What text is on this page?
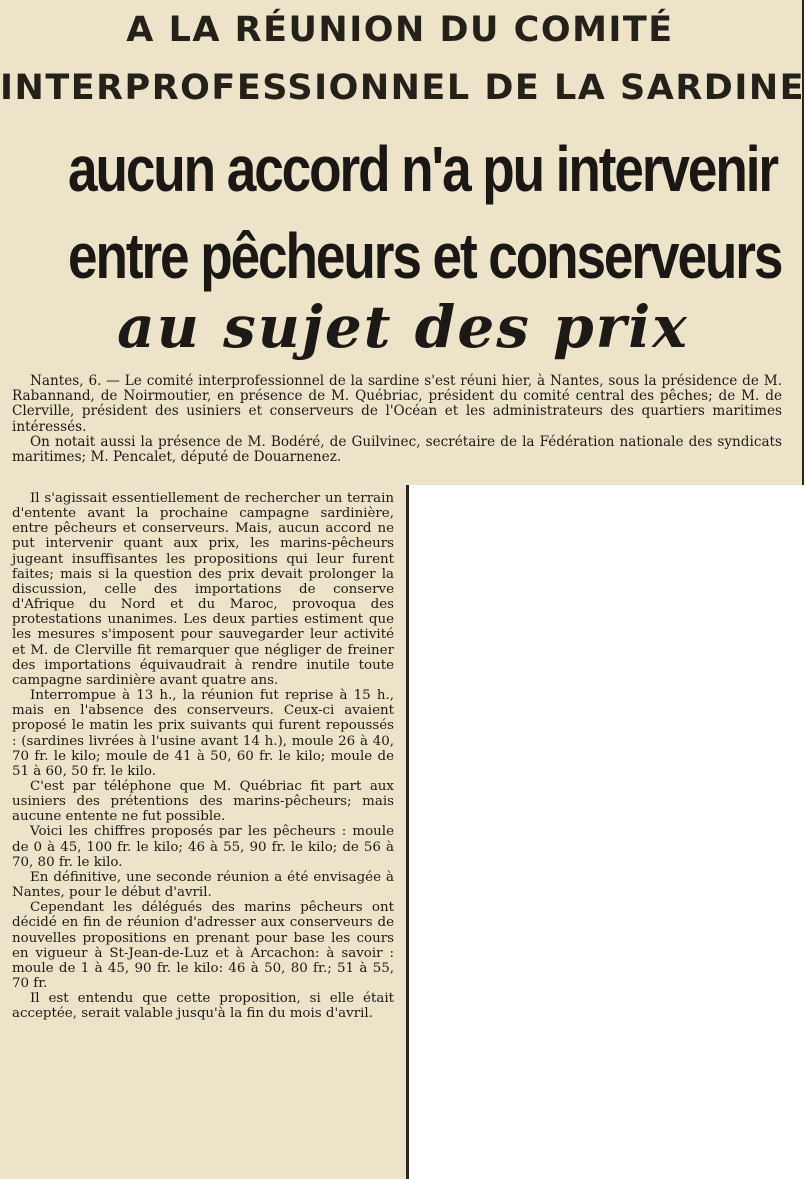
A LA RÉUNION DU COMITÉ
INTERPROFESSIONNEL DE LA SARDINE
aucun accord n'a pu intervenir
entre pêcheurs et conserveurs
au sujet des prix

Nantes, 6. — Le comité interprofessionnel de la sardine s'est réuni hier, à Nantes, sous la présidence de M. Rabannand, de Noirmoutier, en présence de M. Québriac, président du comité central des pêches; de M. de Clerville, président des usiniers et conserveurs de l'Océan et les administrateurs des quartiers maritimes intéressés.

On notait aussi la présence de M. Bodéré, de Guilvinec, secrétaire de la Fédération nationale des syndicats maritimes; M. Pencalet, député de Douarnenez.

Il s'agissait essentiellement de rechercher un terrain d'entente avant la prochaine campagne sardinière, entre pêcheurs et conserveurs. Mais, aucun accord ne put intervenir quant aux prix, les marins-pêcheurs jugeant insuffisantes les propositions qui leur furent faites; mais si la question des prix devait prolonger la discussion, celle des importations de conserve d'Afrique du Nord et du Maroc, provoqua des protestations unanimes. Les deux parties estiment que les mesures s'imposent pour sauvegarder leur activité et M. de Clerville fit remarquer que négliger de freiner des importations équivaudrait à rendre inutile toute campagne sardinière avant quatre ans.

Interrompue à 13 h., la réunion fut reprise à 15 h., mais en l'absence des conserveurs. Ceux-ci avaient proposé le matin les prix suivants qui furent repoussés : (sardines livrées à l'usine avant 14 h.), moule 26 à 40, 70 fr. le kilo; moule de 41 à 50, 60 fr. le kilo; moule de 51 à 60, 50 fr. le kilo.

C'est par téléphone que M. Québriac fit part aux usiniers des prétentions des marins-pêcheurs; mais aucune entente ne fut possible.

Voici les chiffres proposés par les pêcheurs : moule de 0 à 45, 100 fr. le kilo; 46 à 55, 90 fr. le kilo; de 56 à 70, 80 fr. le kilo.

En définitive, une seconde réunion a été envisagée à Nantes, pour le début d'avril.

Cependant les délégués des marins pêcheurs ont décidé en fin de réunion d'adresser aux conserveurs de nouvelles propositions en prenant pour base les cours en vigueur à St-Jean-de-Luz et à Arcachon: à savoir : moule de 1 à 45, 90 fr. le kilo: 46 à 50, 80 fr.; 51 à 55, 70 fr.

Il est entendu que cette proposition, si elle était acceptée, serait valable jusqu'à la fin du mois d'avril.
